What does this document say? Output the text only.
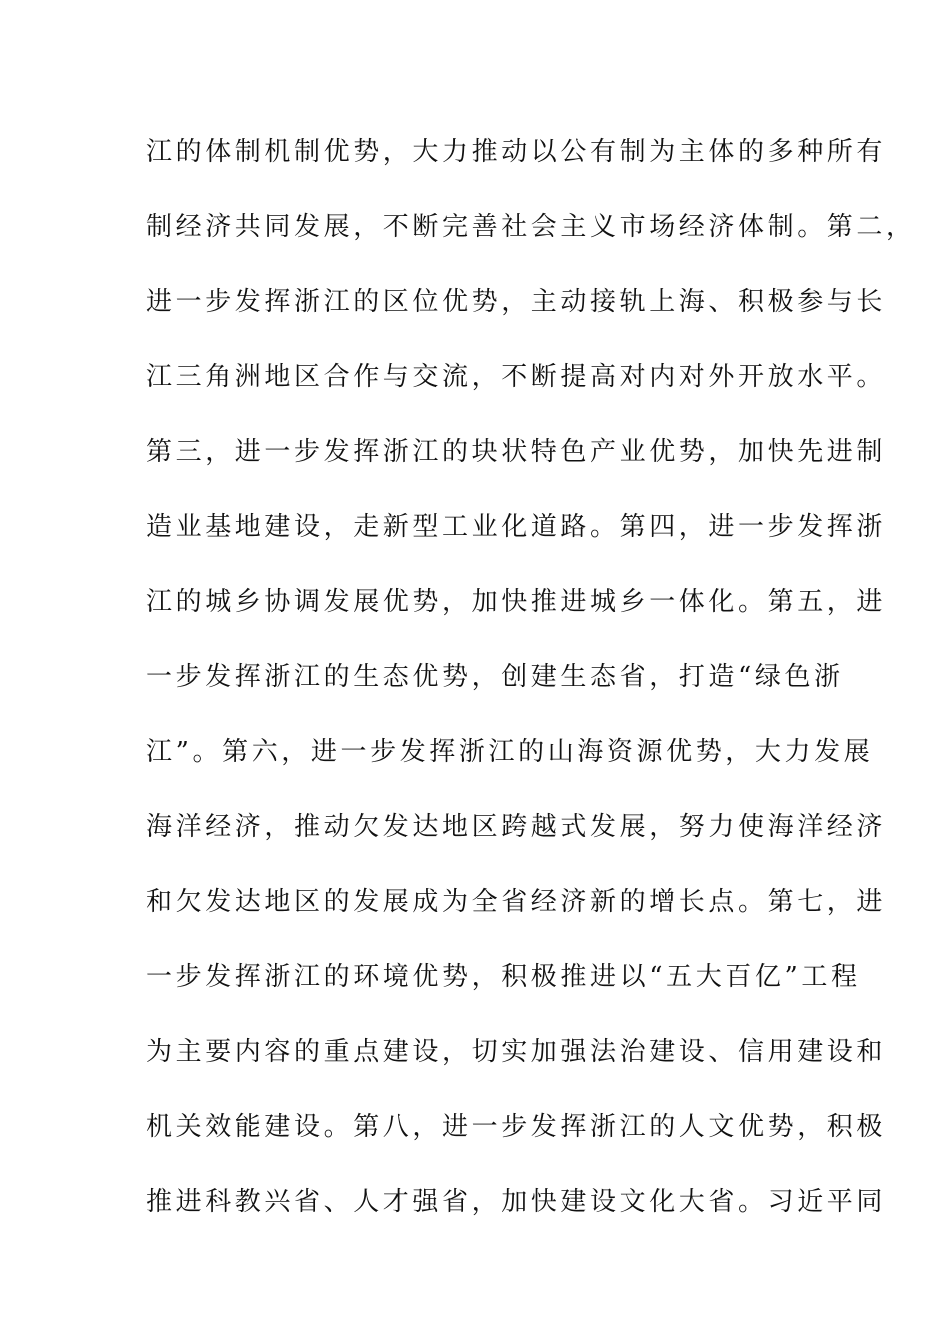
江的体制机制优势，大力推动以公有制为主体的多种所有
制经济共同发展，不断完善社会主义市场经济体制。第二，
进一步发挥浙江的区位优势，主动接轨上海、积极参与长
江三角洲地区合作与交流，不断提高对内对外开放水平。
第三，进一步发挥浙江的块状特色产业优势，加快先进制
造业基地建设，走新型工业化道路。第四，进一步发挥浙
江的城乡协调发展优势，加快推进城乡一体化。第五，进
一步发挥浙江的生态优势，创建生态省，打造“绿色浙
江”。第六，进一步发挥浙江的山海资源优势，大力发展
海洋经济，推动欠发达地区跨越式发展，努力使海洋经济
和欠发达地区的发展成为全省经济新的增长点。第七，进
一步发挥浙江的环境优势，积极推进以“五大百亿”工程
为主要内容的重点建设，切实加强法治建设、信用建设和
机关效能建设。第八，进一步发挥浙江的人文优势，积极
推进科教兴省、人才强省，加快建设文化大省。习近平同
